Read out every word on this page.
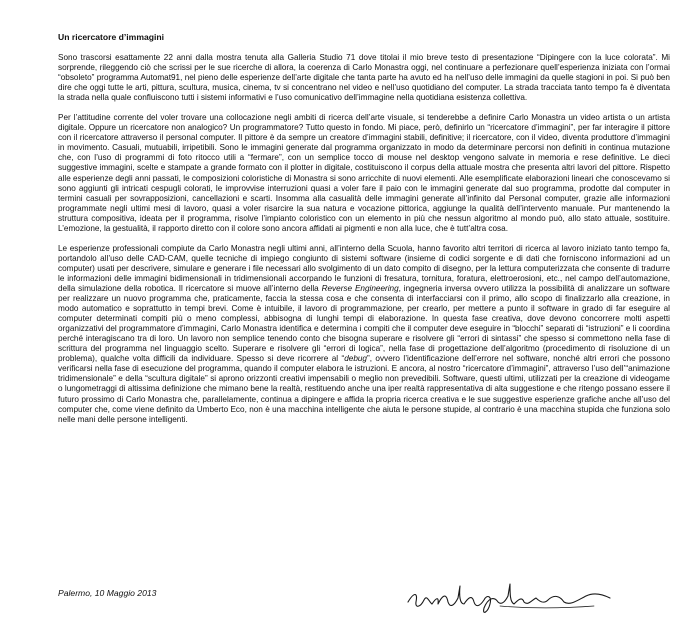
Un ricercatore d’immagini
Sono trascorsi esattamente 22 anni dalla mostra tenuta alla Galleria Studio 71 dove titolai il mio breve testo di presentazione “Dipingere con la luce colorata”. Mi sorprende, rileggendo ciò che scrissi per le sue ricerche di allora, la coerenza di Carlo Monastra oggi, nel continuare a perfezionare quell’esperienza iniziata con l’ormai “obsoleto” programma Automat91, nel pieno delle esperienze dell’arte digitale che tanta parte ha avuto ed ha nell’uso delle immagini da quelle stagioni in poi. Si può ben dire che oggi tutte le arti, pittura, scultura, musica, cinema, tv si concentrano nel video e nell’uso quotidiano del computer. La strada tracciata tanto tempo fa è diventata la strada nella quale confluiscono tutti i sistemi informativi e l’uso comunicativo dell’immagine nella quotidiana esistenza collettiva.
Per l’attitudine corrente del voler trovare una collocazione negli ambiti di ricerca dell’arte visuale, si tenderebbe a definire Carlo Monastra un video artista o un artista digitale. Oppure un ricercatore non analogico? Un programmatore? Tutto questo in fondo. Mi piace, però, definirlo un “ricercatore d’immagini”, per far interagire il pittore con il ricercatore attraverso il personal computer. Il pittore è da sempre un creatore d’immagini stabili, definitive; il ricercatore, con il video, diventa produttore d’immagini in movimento. Casuali, mutuabili, irripetibili. Sono le immagini generate dal programma organizzato in modo da determinare percorsi non definiti in continua mutazione che, con l’uso di programmi di foto ritocco utili a “fermare”, con un semplice tocco di mouse nel desktop vengono salvate in memoria e rese definitive. Le dieci suggestive immagini, scelte e stampate a grande formato con il plotter in digitale, costituiscono il corpus della attuale mostra che presenta altri lavori del pittore. Rispetto alle esperienze degli anni passati, le composizioni coloristiche di Monastra si sono arricchite di nuovi elementi. Alle esemplificate elaborazioni lineari che conoscevamo si sono aggiunti gli intricati cespugli colorati, le improvvise interruzioni quasi a voler fare il paio con le immagini generate dal suo programma, prodotte dal computer in termini casuali per sovrapposizioni, cancellazioni e scarti. Insomma alla casualità delle immagini generate all’infinito dal Personal computer, grazie alle informazioni programmate negli ultimi mesi di lavoro, quasi a voler risarcire la sua natura e vocazione pittorica, aggiunge la qualità dell’intervento manuale. Pur mantenendo la struttura compositiva, ideata per il programma, risolve l’impianto coloristico con un elemento in più che nessun algoritmo al mondo può, allo stato attuale, sostituire. L’emozione, la gestualità, il rapporto diretto con il colore sono ancora affidati ai pigmenti e non alla luce, che è tutt’altra cosa.
Le esperienze professionali compiute da Carlo Monastra negli ultimi anni, all’interno della Scuola, hanno favorito altri territori di ricerca al lavoro iniziato tanto tempo fa, portandolo all’uso delle CAD-CAM, quelle tecniche di impiego congiunto di sistemi software (insieme di codici sorgente e di dati che forniscono informazioni ad un computer) usati per descrivere, simulare e generare i file necessari allo svolgimento di un dato compito di disegno, per la lettura computerizzata che consente di tradurre le informazioni delle immagini bidimensionali in tridimensionali accorpando le funzioni di fresatura, tornitura, foratura, elettroerosioni, etc., nel campo dell’automazione, della simulazione della robotica. Il ricercatore si muove all’interno della Reverse Engineering, ingegneria inversa ovvero utilizza la possibilità di analizzare un software per realizzare un nuovo programma che, praticamente, faccia la stessa cosa e che consenta di interfacciarsi con il primo, allo scopo di finalizzarlo alla creazione, in modo automatico e soprattutto in tempi brevi. Come è intuibile, il lavoro di programmazione, per crearlo, per mettere a punto il software in grado di far eseguire al computer determinati compiti più o meno complessi, abbisogna di lunghi tempi di elaborazione. In questa fase creativa, dove devono concorrere molti aspetti organizzativi del programmatore d’immagini, Carlo Monastra identifica e determina i compiti che il computer deve eseguire in “blocchi” separati di “istruzioni” e li coordina perché interagiscano tra di loro. Un lavoro non semplice tenendo conto che bisogna superare e risolvere gli “errori di sintassi” che spesso si commettono nella fase di scrittura del programma nel linguaggio scelto. Superare e risolvere gli “errori di logica”, nella fase di progettazione dell’algoritmo (procedimento di risoluzione di un problema), qualche volta difficili da individuare. Spesso si deve ricorrere al “debug”, ovvero l’identificazione dell’errore nel software, nonché altri errori che possono verificarsi nella fase di esecuzione del programma, quando il computer elabora le istruzioni. E ancora, al nostro “ricercatore d’immagini”, attraverso l’uso dell’“animazione tridimensionale” e della “scultura digitale” si aprono orizzonti creativi impensabili o meglio non prevedibili. Software, questi ultimi, utilizzati per la creazione di videogame o lungometraggi di altissima definizione che mimano bene la realtà, restituendo anche una iper realtà rappresentativa di alta suggestione e che ritengo possano essere il futuro prossimo di Carlo Monastra che, parallelamente, continua a dipingere e affida la propria ricerca creativa e le sue suggestive esperienze grafiche anche all’uso del computer che, come viene definito da Umberto Eco, non è una macchina intelligente che aiuta le persone stupide, al contrario è una macchina stupida che funziona solo nelle mani delle persone intelligenti.
Palermo, 10 Maggio 2013
